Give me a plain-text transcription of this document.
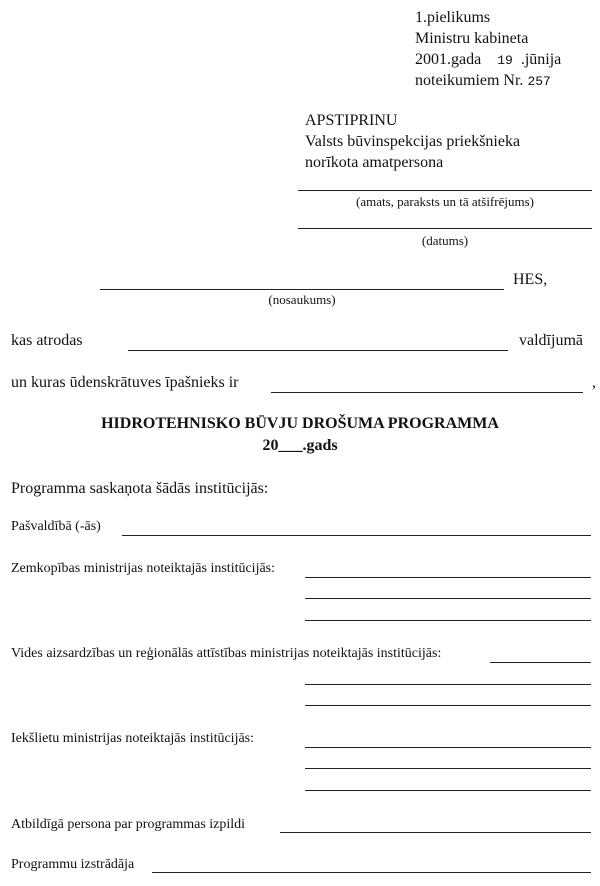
1.pielikums
Ministru kabineta
2001.gada 19 .jūnija
noteikumiem Nr. 257
APSTIPRINU
Valsts būvinspekcijas priekšnieka
norīkota amatpersona
(amats, paraksts un tā atšifrējums)
(datums)
HES,
(nosaukums)
kas atrodas	valdījumā
un kuras ūdenskrātuves īpašnieks ir	,
HIDROTEHNISKO BŪVJU DROŠUMA PROGRAMMA
20___.gads
Programma saskaņota šādās institūcijās:
Pašvaldībā (-ās)
Zemkopības ministrijas noteiktajās institūcijās:
Vides aizsardzības un reģionālās attīstības ministrijas noteiktajās institūcijās:
Iekšlietu ministrijas noteiktajās institūcijās:
Atbildīgā persona par programmas izpildi
Programmu izstrādāja
